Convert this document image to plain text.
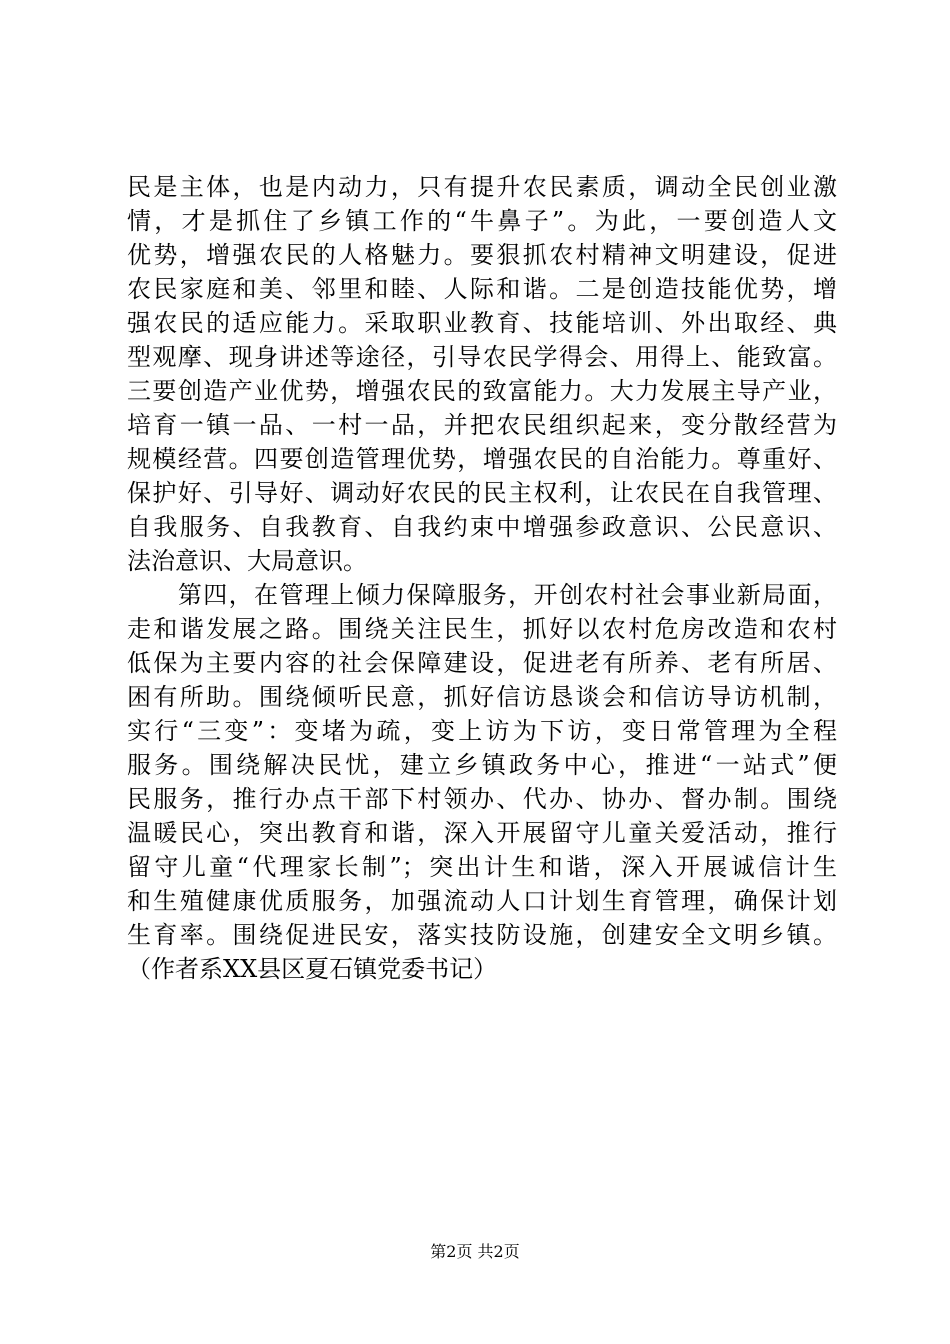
民是主体，也是内动力，只有提升农民素质，调动全民创业激
情，才是抓住了乡镇工作的“牛鼻子”。为此，一要创造人文
优势，增强农民的人格魅力。要狠抓农村精神文明建设，促进
农民家庭和美、邻里和睦、人际和谐。二是创造技能优势，增
强农民的适应能力。采取职业教育、技能培训、外出取经、典
型观摩、现身讲述等途径，引导农民学得会、用得上、能致富。
三要创造产业优势，增强农民的致富能力。大力发展主导产业，
培育一镇一品、一村一品，并把农民组织起来，变分散经营为
规模经营。四要创造管理优势，增强农民的自治能力。尊重好、
保护好、引导好、调动好农民的民主权利，让农民在自我管理、
自我服务、自我教育、自我约束中增强参政意识、公民意识、
法治意识、大局意识。
　　第四，在管理上倾力保障服务，开创农村社会事业新局面，
走和谐发展之路。围绕关注民生，抓好以农村危房改造和农村
低保为主要内容的社会保障建设，促进老有所养、老有所居、
困有所助。围绕倾听民意，抓好信访恳谈会和信访导访机制，
实行“三变”：变堵为疏，变上访为下访，变日常管理为全程
服务。围绕解决民忧，建立乡镇政务中心，推进“一站式”便
民服务，推行办点干部下村领办、代办、协办、督办制。围绕
温暖民心，突出教育和谐，深入开展留守儿童关爱活动，推行
留守儿童“代理家长制”；突出计生和谐，深入开展诚信计生
和生殖健康优质服务，加强流动人口计划生育管理，确保计划
生育率。围绕促进民安，落实技防设施，创建安全文明乡镇。
（作者系XX县区夏石镇党委书记）
第2页 共2页
